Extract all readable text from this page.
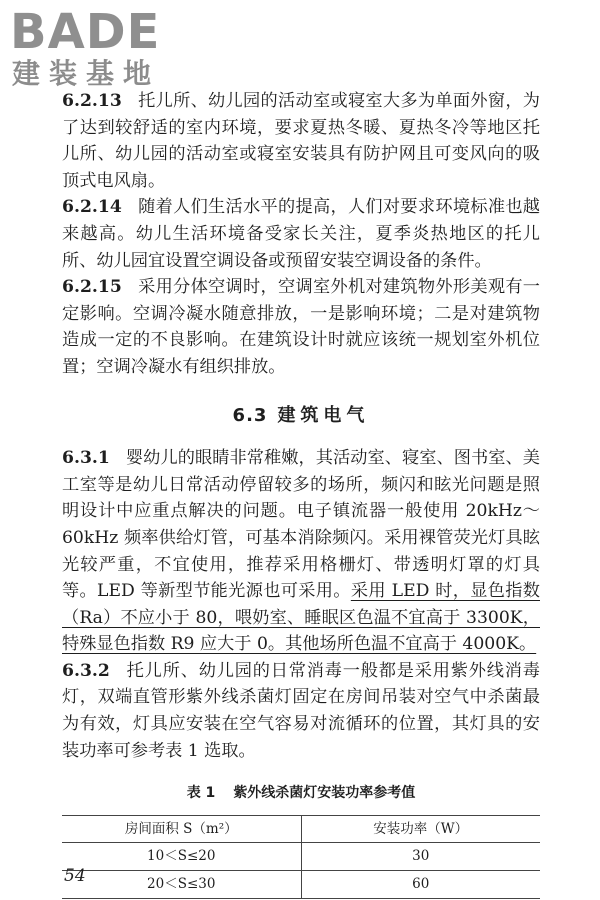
BADE
建装基地

6.2.13 托儿所、幼儿园的活动室或寝室大多为单面外窗，为了达到较舒适的室内环境，要求夏热冬暖、夏热冬冷等地区托儿所、幼儿园的活动室或寝室安装具有防护网且可变风向的吸顶式电风扇。

6.2.14 随着人们生活水平的提高，人们对要求环境标准也越来越高。幼儿生活环境备受家长关注，夏季炎热地区的托儿所、幼儿园宜设置空调设备或预留安装空调设备的条件。

6.2.15 采用分体空调时，空调室外机对建筑物外形美观有一定影响。空调冷凝水随意排放，一是影响环境；二是对建筑物造成一定的不良影响。在建筑设计时就应该统一规划室外机位置；空调冷凝水有组织排放。

6.3 建筑电气

6.3.1 婴幼儿的眼睛非常稚嫩，其活动室、寝室、图书室、美工室等是幼儿日常活动停留较多的场所，频闪和眩光问题是照明设计中应重点解决的问题。电子镇流器一般使用 20kHz～60kHz 频率供给灯管，可基本消除频闪。采用裸管荧光灯具眩光较严重，不宜使用，推荐采用格栅灯、带透明灯罩的灯具等。LED 等新型节能光源也可采用。采用 LED 时，显色指数（Ra）不应小于 80，喂奶室、睡眠区色温不宜高于 3300K，特殊显色指数 R9 应大于 0。其他场所色温不宜高于 4000K。

6.3.2 托儿所、幼儿园的日常消毒一般都是采用紫外线消毒灯，双端直管形紫外线杀菌灯固定在房间吊装对空气中杀菌最为有效，灯具应安装在空气容易对流循环的位置，其灯具的安装功率可参考表 1 选取。

表 1 紫外线杀菌灯安装功率参考值
房间面积 S（m²）	安装功率（W）
10＜S≤20	30
20＜S≤30	60
54
